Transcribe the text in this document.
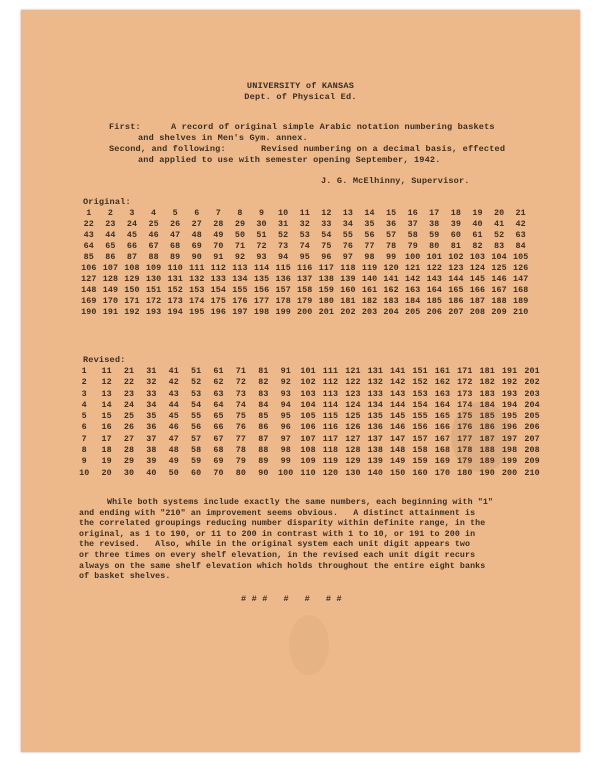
UNIVERSITY of KANSAS
Dept. of Physical Ed.
First:	A record of original simple Arabic notation numbering baskets
and shelves in Men's Gym. annex.
Second, and following:	Revised numbering on a decimal basis, effected
and applied to use with semester opening September, 1942.
J. G. McElhinny, Supervisor.
Original:
1	2	3	4	5	6	7	8	9	10	11	12	13	14	15	16	17	18	19	20	21
22	23	24	25	26	27	28	29	30	31	32	33	34	35	36	37	38	39	40	41	42
43	44	45	46	47	48	49	50	51	52	53	54	55	56	57	58	59	60	61	52	63
64	65	66	67	68	69	70	71	72	73	74	75	76	77	78	79	80	81	82	83	84
85	86	87	88	89	90	91	92	93	94	95	96	97	98	99	100 101 102 103 104 105
106 107 108 109 110 111 112 113 114 115 116 117 118 119 120 121 122 123 124 125 126
127 128 129 130 131 132 133 134 135 136 137 138 139 140 141 142 143 144 145 146 147
148 149 150 151 152 153 154 155 156 157 158 159 160 161 162 163 164 165 166 167 168
169 170 171 172 173 174 175 176 177 178 179 180 181 182 183 184 185 186 187 188 189
190 191 192 193 194 195 196 197 198 199 200 201 202 203 204 205 206 207 208 209 210
Revised:
1	11	21	31	41	51	61	71	81	91	101 111 121 131 141 151 161 171 181 191 201
2	12	22	32	42	52	62	72	82	92	102 112 122 132 142 152 162 172 182 192 202
3	13	23	33	43	53	63	73	83	93	103 113 123 133 143 153 163 173 183 193 203
4	14	24	34	44	54	64	74	84	94	104 114 124 134 144 154 164 174 184 194 204
5	15	25	35	45	55	65	75	85	95	105 115 125 135 145 155 165 175 185 195 205
6	16	26	36	46	56	66	76	86	96	106 116 126 136 146 156 166 176 186 196 206
7	17	27	37	47	57	67	77	87	97	107 117 127 137 147 157 167 177 187 197 207
8	18	28	38	48	58	68	78	88	98	108 118 128 138 148 158 168 178 188 198 208
9	19	29	39	49	59	69	79	89	99	109 119 129 139 149 159 169 179 189 199 209
10	20	30	40	50	60	70	80	90	100 110 120 130 140 150 160 170 180 190 200 210
While both systems include exactly the same numbers, each beginning with "1"
and ending with "210" an improvement seems obvious.   A distinct attainment is
the correlated groupings reducing number disparity within definite range, in the
original, as 1 to 190, or 11 to 200 in contrast with 1 to 10, or 191 to 200 in
the revised.   Also, while in the original system each unit digit appears two
or three times on every shelf elevation, in the revised each unit digit recurs
always on the same shelf elevation which holds throughout the entire eight banks
of basket shelves.
# # #   #   #   # #
